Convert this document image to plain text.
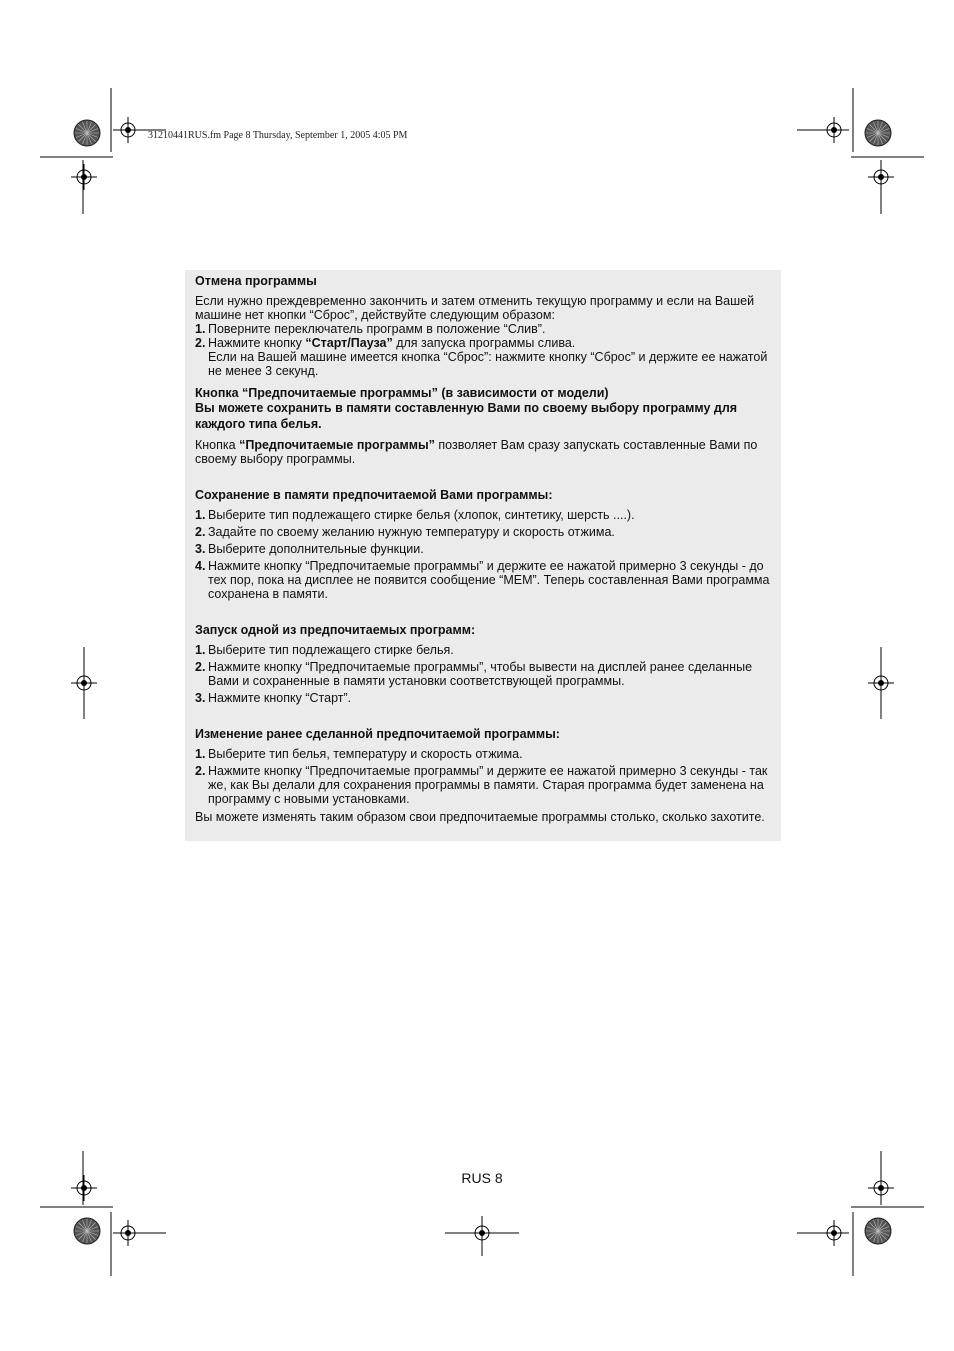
31210441RUS.fm Page 8 Thursday, September 1, 2005 4:05 PM

Отмена программы

Если нужно преждевременно закончить и затем отменить текущую программу и если на Вашей машине нет кнопки “Сброс”, действуйте следующим образом:

1. Поверните переключатель программ в положение “Слив”.
2. Нажмите кнопку “Старт/Пауза” для запуска программы слива.

Если на Вашей машине имеется кнопка “Сброс”: нажмите кнопку “Сброс” и держите ее нажатой не менее 3 секунд.

Кнопка “Предпочитаемые программы” (в зависимости от модели)

Вы можете сохранить в памяти составленную Вами по своему выбору программу для каждого типа белья.

Кнопка “Предпочитаемые программы” позволяет Вам сразу запускать составленные Вами по своему выбору программы.

Сохранение в памяти предпочитаемой Вами программы:

1. Выберите тип подлежащего стирке белья (хлопок, синтетику, шерсть ....).
2. Задайте по своему желанию нужную температуру и скорость отжима.
3. Выберите дополнительные функции.
4. Нажмите кнопку “Предпочитаемые программы” и держите ее нажатой примерно 3 секунды - до тех пор, пока на дисплее не появится сообщение “МЕМ”. Теперь составленная Вами программа сохранена в памяти.

Запуск одной из предпочитаемых программ:

1. Выберите тип подлежащего стирке белья.
2. Нажмите кнопку “Предпочитаемые программы”, чтобы вывести на дисплей ранее сделанные Вами и сохраненные в памяти установки соответствующей программы.
3. Нажмите кнопку “Старт”.

Изменение ранее сделанной предпочитаемой программы:

1. Выберите тип белья, температуру и скорость отжима.
2. Нажмите кнопку “Предпочитаемые программы” и держите ее нажатой примерно 3 секунды - так же, как Вы делали для сохранения программы в памяти. Старая программа будет заменена на программу с новыми установками.

Вы можете изменять таким образом свои предпочитаемые программы столько, сколько захотите.

RUS 8
